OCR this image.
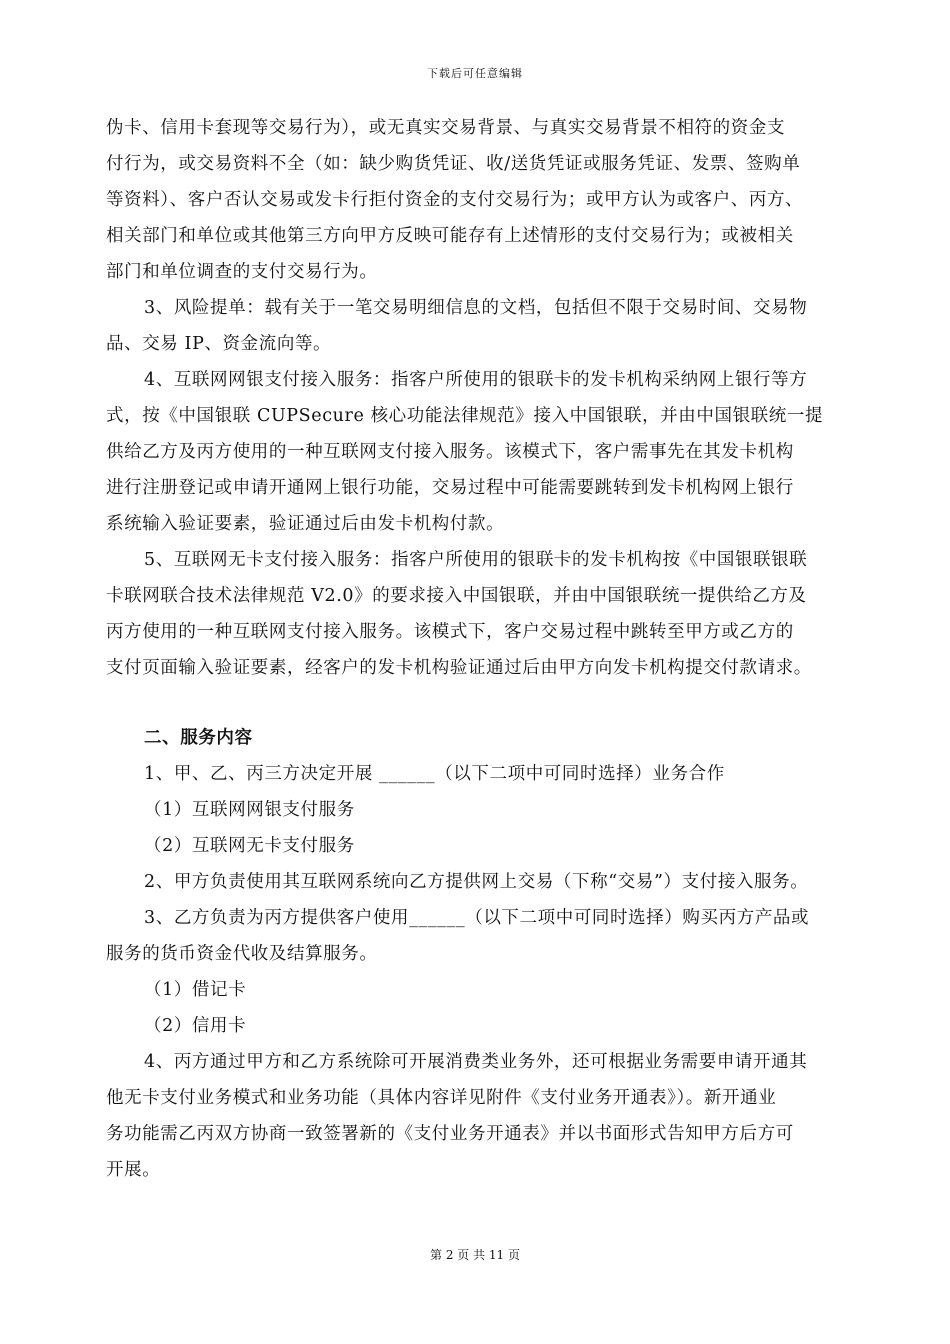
下载后可任意编辑
伪卡、信用卡套现等交易行为），或无真实交易背景、与真实交易背景不相符的资金支
付行为，或交易资料不全（如：缺少购货凭证、收/送货凭证或服务凭证、发票、签购单
等资料）、客户否认交易或发卡行拒付资金的支付交易行为；或甲方认为或客户、丙方、
相关部门和单位或其他第三方向甲方反映可能存有上述情形的支付交易行为；或被相关
部门和单位调查的支付交易行为。
3、风险提单：载有关于一笔交易明细信息的文档，包括但不限于交易时间、交易物
品、交易 IP、资金流向等。
4、互联网网银支付接入服务：指客户所使用的银联卡的发卡机构采纳网上银行等方
式，按《中国银联 CUPSecure 核心功能法律规范》接入中国银联，并由中国银联统一提
供给乙方及丙方使用的一种互联网支付接入服务。该模式下，客户需事先在其发卡机构
进行注册登记或申请开通网上银行功能，交易过程中可能需要跳转到发卡机构网上银行
系统输入验证要素，验证通过后由发卡机构付款。
5、互联网无卡支付接入服务：指客户所使用的银联卡的发卡机构按《中国银联银联
卡联网联合技术法律规范 V2.0》的要求接入中国银联，并由中国银联统一提供给乙方及
丙方使用的一种互联网支付接入服务。该模式下，客户交易过程中跳转至甲方或乙方的
支付页面输入验证要素，经客户的发卡机构验证通过后由甲方向发卡机构提交付款请求。
二、服务内容
1、甲、乙、丙三方决定开展 ______（以下二项中可同时选择）业务合作
（1）互联网网银支付服务
（2）互联网无卡支付服务
2、甲方负责使用其互联网系统向乙方提供网上交易（下称“交易”）支付接入服务。
3、乙方负责为丙方提供客户使用______（以下二项中可同时选择）购买丙方产品或
服务的货币资金代收及结算服务。
（1）借记卡
（2）信用卡
4、丙方通过甲方和乙方系统除可开展消费类业务外，还可根据业务需要申请开通其
他无卡支付业务模式和业务功能（具体内容详见附件《支付业务开通表》）。新开通业
务功能需乙丙双方协商一致签署新的《支付业务开通表》并以书面形式告知甲方后方可
开展。
第 2 页 共 11 页
